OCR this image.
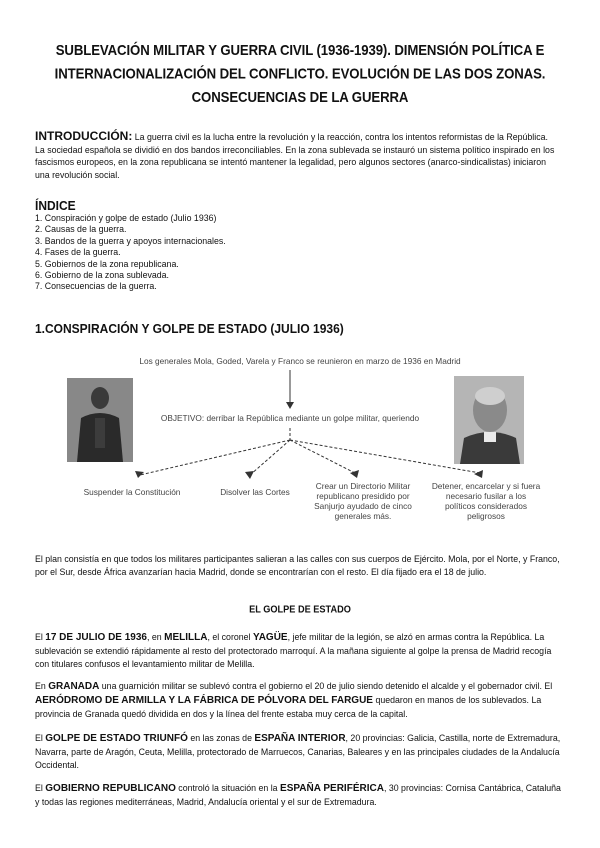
SUBLEVACIÓN MILITAR Y GUERRA CIVIL (1936-1939). DIMENSIÓN POLÍTICA E
INTERNACIONALIZACIÓN DEL CONFLICTO. EVOLUCIÓN DE LAS DOS ZONAS.
CONSECUENCIAS DE LA GUERRA
INTRODUCCIÓN: La guerra civil es la lucha entre la revolución y la reacción, contra los intentos reformistas de la República. La sociedad española se dividió en dos bandos irreconciliables. En la zona sublevada se instauró un sistema político inspirado en los fascismos europeos, en la zona republicana se intentó mantener la legalidad, pero algunos sectores (anarco-sindicalistas) iniciaron una revolución social.
ÍNDICE
1. Conspiración y golpe de estado (Julio 1936)
2. Causas de la guerra.
3. Bandos de la guerra y apoyos internacionales.
4. Fases de la guerra.
5. Gobiernos de la zona republicana.
6. Gobierno de la zona sublevada.
7. Consecuencias de la guerra.
1.CONSPIRACIÓN Y GOLPE DE ESTADO (JULIO 1936)
Los generales Mola, Goded, Varela y Franco se reunieron en marzo de 1936 en Madrid
OBJETIVO: derribar la República mediante un golpe militar, queriendo
Suspender la Constitución	Disolver las Cortes
Crear un Directorio Militar republicano presidido por Sanjurjo ayudado de cinco generales más.
Detener, encarcelar y si fuera necesario fusilar a los políticos considerados peligrosos
El plan consistía en que todos los militares participantes salieran a las calles con sus cuerpos de Ejército. Mola, por el Norte, y Franco, por el Sur, desde África avanzarían hacia Madrid, donde se encontrarían con el resto. El día fijado era el 18 de julio.
EL GOLPE DE ESTADO
El 17 DE JULIO DE 1936, en MELILLA, el coronel YAGÜE, jefe militar de la legión, se alzó en armas contra la República. La sublevación se extendió rápidamente al resto del protectorado marroquí. A la mañana siguiente al golpe la prensa de Madrid recogía con titulares confusos el levantamiento militar de Melilla.
En GRANADA una guarnición militar se sublevó contra el gobierno el 20 de julio siendo detenido el alcalde y el gobernador civil. El AERÓDROMO DE ARMILLA Y LA FÁBRICA DE PÓLVORA DEL FARGUE quedaron en manos de los sublevados. La provincia de Granada quedó dividida en dos y la línea del frente estaba muy cerca de la capital.
El GOLPE DE ESTADO TRIUNFÓ en las zonas de ESPAÑA INTERIOR, 20 provincias: Galicia, Castilla, norte de Extremadura, Navarra, parte de Aragón, Ceuta, Melilla, protectorado de Marruecos, Canarias, Baleares y en las principales ciudades de la Andalucía Occidental.
El GOBIERNO REPUBLICANO controló la situación en la ESPAÑA PERIFÉRICA, 30 provincias: Cornisa Cantábrica, Cataluña y todas las regiones mediterráneas, Madrid, Andalucía oriental y el sur de Extremadura.
